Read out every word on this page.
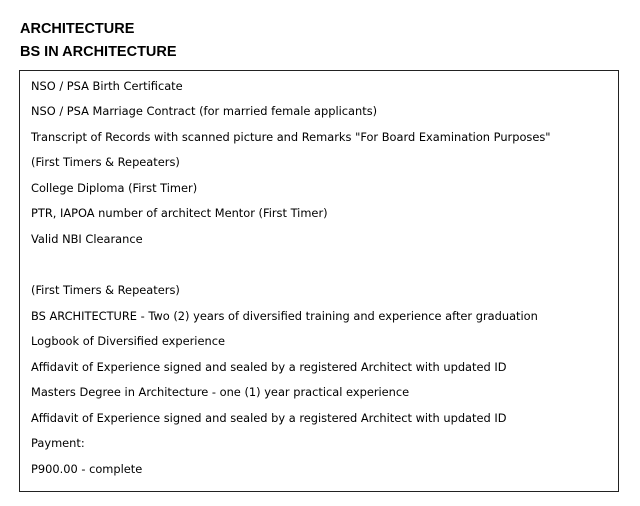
ARCHITECTURE
BS IN ARCHITECTURE
NSO / PSA Birth Certificate
NSO / PSA Marriage Contract (for married female applicants)
Transcript of Records with scanned picture and Remarks "For Board Examination Purposes"
(First Timers & Repeaters)
College Diploma (First Timer)
PTR, IAPOA number of architect Mentor (First Timer)
Valid NBI Clearance
(First Timers & Repeaters)
BS ARCHITECTURE - Two (2) years of diversified training and experience after graduation
Logbook of Diversified experience
Affidavit of Experience signed and sealed by a registered Architect with updated ID
Masters Degree in Architecture - one (1) year practical experience
Affidavit of Experience signed and sealed by a registered Architect with updated ID
Payment:
P900.00 - complete
